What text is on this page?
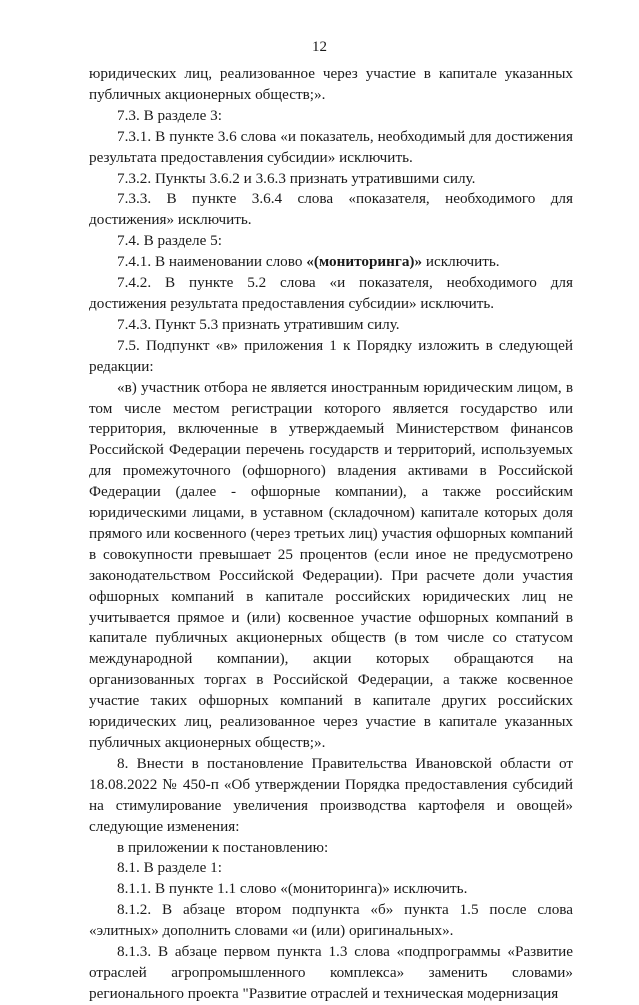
12

юридических лиц, реализованное через участие в капитале указанных публичных акционерных обществ;».

7.3. В разделе 3:

7.3.1. В пункте 3.6 слова «и показатель, необходимый для достижения результата предоставления субсидии» исключить.

7.3.2. Пункты 3.6.2 и 3.6.3 признать утратившими силу.

7.3.3. В пункте 3.6.4 слова «показателя, необходимого для достижения» исключить.

7.4. В разделе 5:

7.4.1. В наименовании слово «(мониторинга)» исключить.

7.4.2. В пункте 5.2 слова «и показателя, необходимого для достижения результата предоставления субсидии» исключить.

7.4.3. Пункт 5.3 признать утратившим силу.

7.5. Подпункт «в» приложения 1 к Порядку изложить в следующей редакции:

«в) участник отбора не является иностранным юридическим лицом, в том числе местом регистрации которого является государство или территория, включенные в утверждаемый Министерством финансов Российской Федерации перечень государств и территорий, используемых для промежуточного (офшорного) владения активами в Российской Федерации (далее - офшорные компании), а также российским юридическими лицами, в уставном (складочном) капитале которых доля прямого или косвенного (через третьих лиц) участия офшорных компаний в совокупности превышает 25 процентов (если иное не предусмотрено законодательством Российской Федерации). При расчете доли участия офшорных компаний в капитале российских юридических лиц не учитывается прямое и (или) косвенное участие офшорных компаний в капитале публичных акционерных обществ (в том числе со статусом международной компании), акции которых обращаются на организованных торгах в Российской Федерации, а также косвенное участие таких офшорных компаний в капитале других российских юридических лиц, реализованное через участие в капитале указанных публичных акционерных обществ;».

8. Внести в постановление Правительства Ивановской области от 18.08.2022 № 450-п «Об утверждении Порядка предоставления субсидий на стимулирование увеличения производства картофеля и овощей» следующие изменения:

в приложении к постановлению:

8.1. В разделе 1:

8.1.1. В пункте 1.1 слово «(мониторинга)» исключить.

8.1.2. В абзаце втором подпункта «б» пункта 1.5 после слова «элитных» дополнить словами «и (или) оригинальных».

8.1.3. В абзаце первом пункта 1.3 слова «подпрограммы «Развитие отраслей агропромышленного комплекса» заменить словами» регионального проекта "Развитие отраслей и техническая модернизация
